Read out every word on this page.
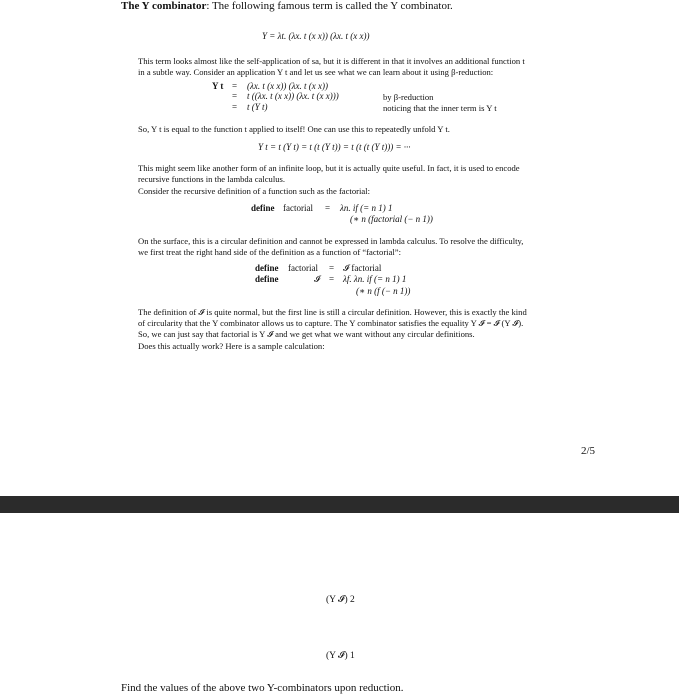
The Y combinator: The following famous term is called the Y combinator.
Y = λt. (λx. t (x x)) (λx. t (x x))
This term looks almost like the self-application of sa, but it is different in that it involves an additional function t
in a subtle way. Consider an application Y t and let us see what we can learn about it using β-reduction:
Y t = (λx. t (x x)) (λx. t (x x))
= t ((λx. t (x x)) (λx. t (x x)))	by β-reduction
= t (Y t)	noticing that the inner term is Y t
So, Y t is equal to the function t applied to itself! One can use this to repeatedly unfold Y t.
Y t = t (Y t) = t (t (Y t)) = t (t (t (Y t))) = ···
This might seem like another form of an infinite loop, but it is actually quite useful. In fact, it is used to encode
recursive functions in the lambda calculus.
Consider the recursive definition of a function such as the factorial:
define factorial = λn. if (= n 1) 1
(∗ n (factorial (− n 1))
On the surface, this is a circular definition and cannot be expressed in lambda calculus. To resolve the difficulty,
we first treat the right hand side of the definition as a function of “factorial”:
define factorial = 𝓘 factorial
define	𝓘 = λf. λn. if (= n 1) 1
(∗ n (f (− n 1))
The definition of 𝓘 is quite normal, but the first line is still a circular definition. However, this is exactly the kind
of circularity that the Y combinator allows us to capture. The Y combinator satisfies the equality Y 𝓘 = 𝓘 (Y 𝓘).
So, we can just say that factorial is Y 𝓘 and we get what we want without any circular definitions.
Does this actually work? Here is a sample calculation:
2/5
(Y 𝓘) 2
(Y 𝓘) 1
Find the values of the above two Y-combinators upon reduction.
